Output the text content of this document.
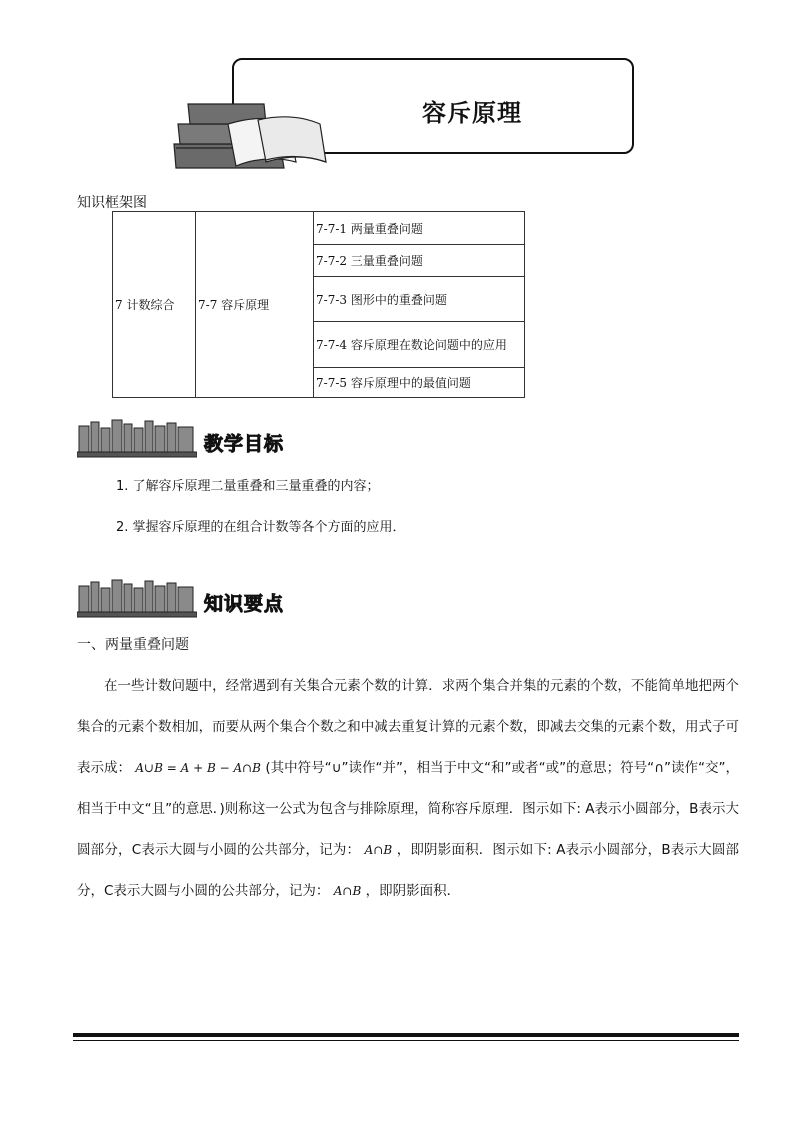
容斥原理
知识框架图
7 计数综合	7-7 容斥原理	7-7-1 两量重叠问题
7-7-2 三量重叠问题
7-7-3 图形中的重叠问题
7-7-4 容斥原理在数论问题中的应用
7-7-5 容斥原理中的最值问题
教学目标
1. 了解容斥原理二量重叠和三量重叠的内容；
2. 掌握容斥原理的在组合计数等各个方面的应用．
知识要点
一、两量重叠问题
在一些计数问题中，经常遇到有关集合元素个数的计算．求两个集合并集的元素的个数，不能简单地把两个集合的元素个数相加，而要从两个集合个数之和中减去重复计算的元素个数，即减去交集的元素个数，用式子可表示成： A∪B = A + B − A∩B (其中符号“∪”读作“并”，相当于中文“和”或者“或”的意思；符号“∩”读作“交”，相当于中文“且”的意思．)则称这一公式为包含与排除原理，简称容斥原理．图示如下: A表示小圆部分，B表示大圆部分，C表示大圆与小圆的公共部分，记为： A∩B ，即阴影面积．图示如下: A表示小圆部分，B表示大圆部分，C表示大圆与小圆的公共部分，记为： A∩B ，即阴影面积．
